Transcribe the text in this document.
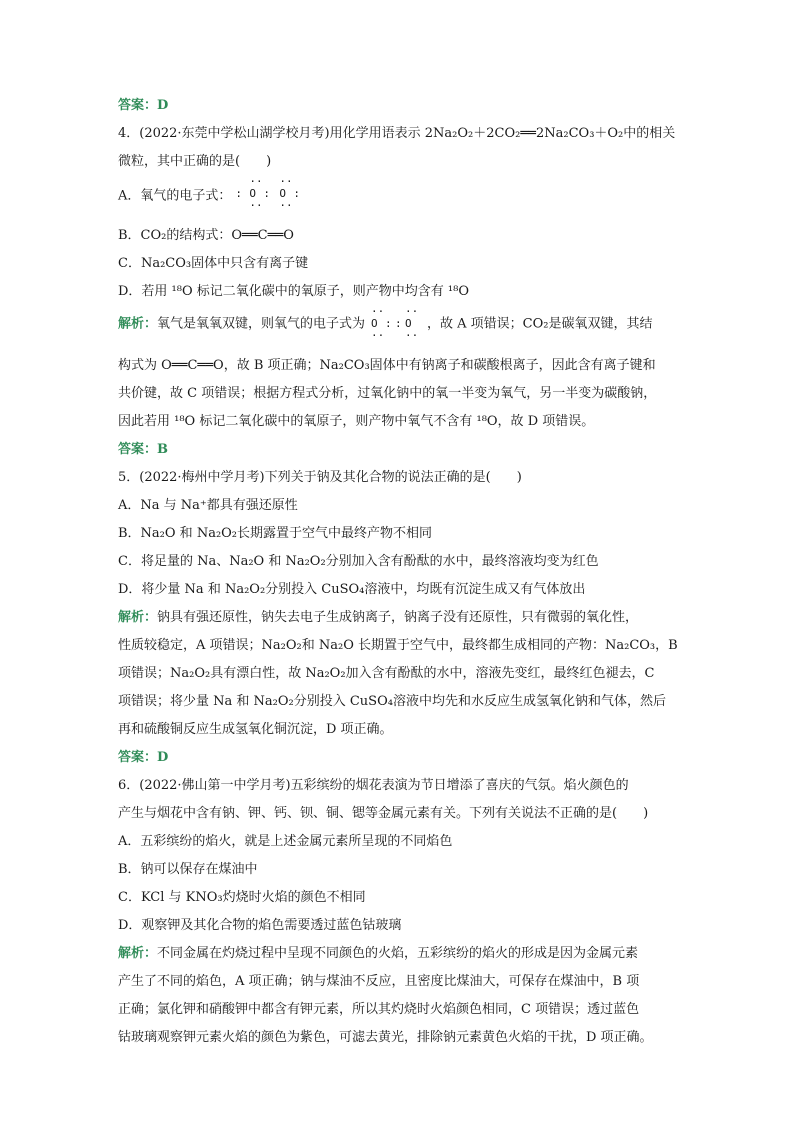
答案：D
4．(2022·东莞中学松山湖学校月考)用化学用语表示 2Na₂O₂＋2CO₂══2Na₂CO₃＋O₂中的相关
微粒，其中正确的是(　　)
A．氧气的电子式：
·· ··
: O : O :
·· ··
B．CO₂的结构式：O══C══O
C．Na₂CO₃固体中只含有离子键
D．若用 ¹⁸O 标记二氧化碳中的氧原子，则产物中均含有 ¹⁸O
解析：氧气是氧氧双键，则氧气的电子式为
·· ··
O : : O
·· ··
，故 A 项错误；CO₂是碳氧双键，其结
构式为 O══C══O，故 B 项正确；Na₂CO₃固体中有钠离子和碳酸根离子，因此含有离子键和
共价键，故 C 项错误；根据方程式分析，过氧化钠中的氧一半变为氧气，另一半变为碳酸钠，
因此若用 ¹⁸O 标记二氧化碳中的氧原子，则产物中氧气不含有 ¹⁸O，故 D 项错误。
答案：B
5．(2022·梅州中学月考)下列关于钠及其化合物的说法正确的是(　　)
A．Na 与 Na⁺都具有强还原性
B．Na₂O 和 Na₂O₂长期露置于空气中最终产物不相同
C．将足量的 Na、Na₂O 和 Na₂O₂分别加入含有酚酞的水中，最终溶液均变为红色
D．将少量 Na 和 Na₂O₂分别投入 CuSO₄溶液中，均既有沉淀生成又有气体放出
解析：钠具有强还原性，钠失去电子生成钠离子，钠离子没有还原性，只有微弱的氧化性，
性质较稳定，A 项错误；Na₂O₂和 Na₂O 长期置于空气中，最终都生成相同的产物：Na₂CO₃，B
项错误；Na₂O₂具有漂白性，故 Na₂O₂加入含有酚酞的水中，溶液先变红，最终红色褪去，C
项错误；将少量 Na 和 Na₂O₂分别投入 CuSO₄溶液中均先和水反应生成氢氧化钠和气体，然后
再和硫酸铜反应生成氢氧化铜沉淀，D 项正确。
答案：D
6．(2022·佛山第一中学月考)五彩缤纷的烟花表演为节日增添了喜庆的气氛。焰火颜色的
产生与烟花中含有钠、钾、钙、钡、铜、锶等金属元素有关。下列有关说法不正确的是(　　)
A．五彩缤纷的焰火，就是上述金属元素所呈现的不同焰色
B．钠可以保存在煤油中
C．KCl 与 KNO₃灼烧时火焰的颜色不相同
D．观察钾及其化合物的焰色需要透过蓝色钴玻璃
解析：不同金属在灼烧过程中呈现不同颜色的火焰，五彩缤纷的焰火的形成是因为金属元素
产生了不同的焰色，A 项正确；钠与煤油不反应，且密度比煤油大，可保存在煤油中，B 项
正确；氯化钾和硝酸钾中都含有钾元素，所以其灼烧时火焰颜色相同，C 项错误；透过蓝色
钴玻璃观察钾元素火焰的颜色为紫色，可滤去黄光，排除钠元素黄色火焰的干扰，D 项正确。
